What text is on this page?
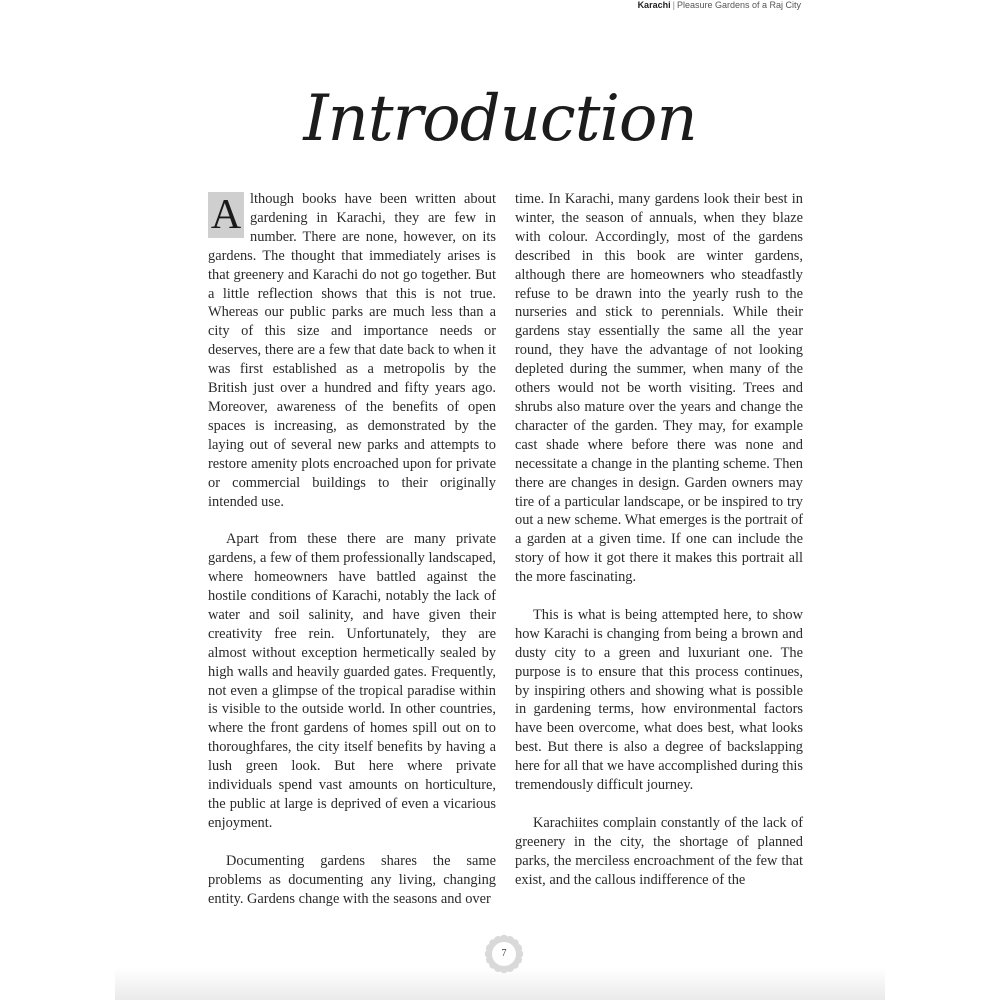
Karachi | Pleasure Gardens of a Raj City
Introduction

A lthough books have been written about gardening in Karachi, they are few in number. There are none, however, on its gardens. The thought that immediately arises is that greenery and Karachi do not go together. But a little reflection shows that this is not true. Whereas our public parks are much less than a city of this size and importance needs or deserves, there are a few that date back to when it was first established as a metropolis by the British just over a hundred and fifty years ago. Moreover, awareness of the benefits of open spaces is increasing, as demonstrated by the laying out of several new parks and attempts to restore amenity plots encroached upon for private or commercial buildings to their originally intended use.

Apart from these there are many private gardens, a few of them professionally landscaped, where homeowners have battled against the hostile conditions of Karachi, notably the lack of water and soil salinity, and have given their creativity free rein. Unfortunately, they are almost without exception hermetically sealed by high walls and heavily guarded gates. Frequently, not even a glimpse of the tropical paradise within is visible to the outside world. In other countries, where the front gardens of homes spill out on to thoroughfares, the city itself benefits by having a lush green look. But here where private individuals spend vast amounts on horticulture, the public at large is deprived of even a vicarious enjoyment.

Documenting gardens shares the same problems as documenting any living, changing entity. Gardens change with the seasons and over

time. In Karachi, many gardens look their best in winter, the season of annuals, when they blaze with colour. Accordingly, most of the gardens described in this book are winter gardens, although there are homeowners who steadfastly refuse to be drawn into the yearly rush to the nurseries and stick to perennials. While their gardens stay essentially the same all the year round, they have the advantage of not looking depleted during the summer, when many of the others would not be worth visiting. Trees and shrubs also mature over the years and change the character of the garden. They may, for example cast shade where before there was none and necessitate a change in the planting scheme. Then there are changes in design. Garden owners may tire of a particular landscape, or be inspired to try out a new scheme. What emerges is the portrait of a garden at a given time. If one can include the story of how it got there it makes this portrait all the more fascinating.

This is what is being attempted here, to show how Karachi is changing from being a brown and dusty city to a green and luxuriant one. The purpose is to ensure that this process continues, by inspiring others and showing what is possible in gardening terms, how environmental factors have been overcome, what does best, what looks best. But there is also a degree of backslapping here for all that we have accomplished during this tremendously difficult journey.

Karachiites complain constantly of the lack of greenery in the city, the shortage of planned parks, the merciless encroachment of the few that exist, and the callous indifference of the

7
